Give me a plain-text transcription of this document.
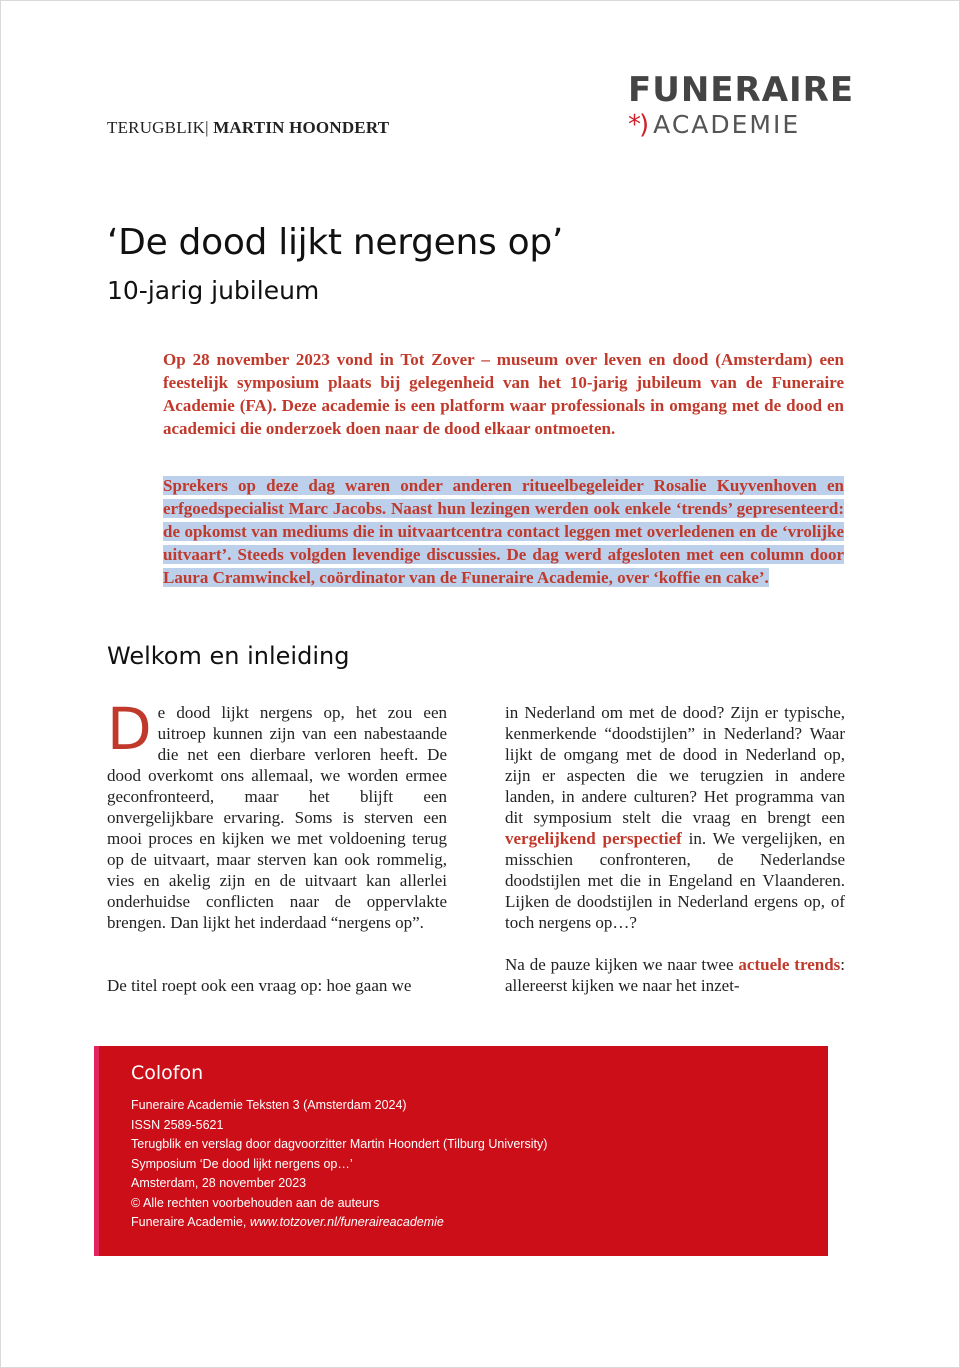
TERUGBLIK| MARTIN HOONDERT
FUNERAIRE
*) ACADEMIE
‘De dood lijkt nergens op’
10-jarig jubileum

Op 28 november 2023 vond in Tot Zover – museum over leven en dood (Amsterdam) een feestelijk symposium plaats bij gelegenheid van het 10-jarig jubileum van de Funeraire Academie (FA). Deze academie is een platform waar professionals in omgang met de dood en academici die onderzoek doen naar de dood elkaar ontmoeten.

Sprekers op deze dag waren onder anderen ritueelbegeleider Rosalie Kuyvenhoven en erfgoedspecialist Marc Jacobs. Naast hun lezingen werden ook enkele ‘trends’ gepresenteerd: de opkomst van mediums die in uitvaartcentra contact leggen met overledenen en de ‘vrolijke uitvaart’. Steeds volgden levendige discussies. De dag werd afgesloten met een column door Laura Cramwinckel, coördinator van de Funeraire Academie, over ‘koffie en cake’.

Welkom en inleiding

De dood lijkt nergens op, het zou een uitroep kunnen zijn van een nabestaande die net een dierbare verloren heeft. De dood overkomt ons allemaal, we worden ermee geconfronteerd, maar het blijft een onvergelijkbare ervaring. Soms is sterven een mooi proces en kijken we met voldoening terug op de uitvaart, maar sterven kan ook rommelig, vies en akelig zijn en de uitvaart kan allerlei onderhuidse conflicten naar de oppervlakte brengen. Dan lijkt het inderdaad “nergens op”.

De titel roept ook een vraag op: hoe gaan we

in Nederland om met de dood? Zijn er typische, kenmerkende “doodstijlen” in Nederland? Waar lijkt de omgang met de dood in Nederland op, zijn er aspecten die we terugzien in andere landen, in andere culturen? Het programma van dit symposium stelt die vraag en brengt een vergelijkend perspectief in. We vergelijken, en misschien confronteren, de Nederlandse doodstijlen met die in Engeland en Vlaanderen. Lijken de doodstijlen in Nederland ergens op, of toch nergens op…?

Na de pauze kijken we naar twee actuele trends: allereerst kijken we naar het inzet-

Colofon
Funeraire Academie Teksten 3 (Amsterdam 2024)
ISSN 2589-5621
Terugblik en verslag door dagvoorzitter Martin Hoondert (Tilburg University)
Symposium ‘De dood lijkt nergens op…’
Amsterdam, 28 november 2023
© Alle rechten voorbehouden aan de auteurs
Funeraire Academie, www.totzover.nl/funeraireacademie
